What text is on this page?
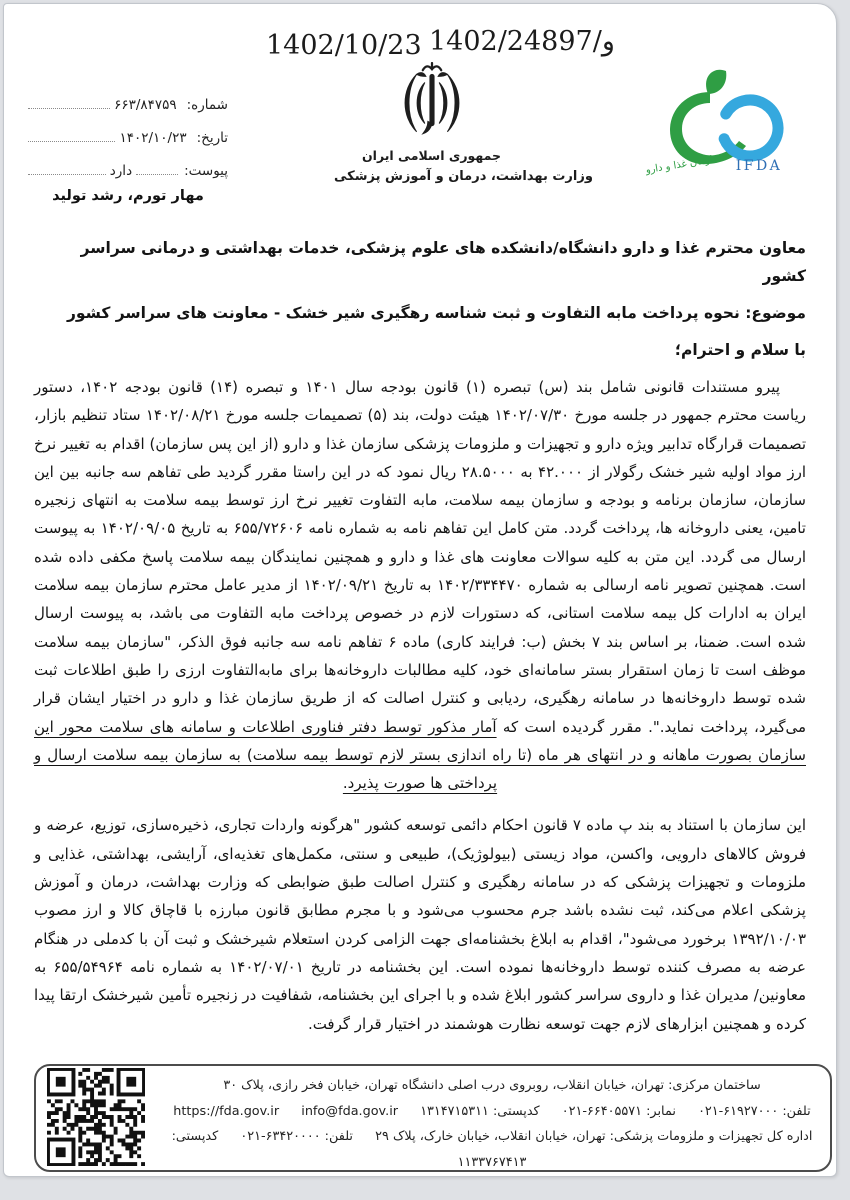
1402/10/23 1402/24897/و
شماره:
۶۶۳/۸۴۷۵۹
تاریخ:
۱۴۰۲/۱۰/۲۳
پیوست:
دارد
مهار تورم، رشد تولید
جمهوری اسلامی ایران
وزارت بهداشت، درمان و آموزش پزشکی
IFDA
سازمان غذا و دارو
معاون محترم غذا و دارو دانشگاه/دانشکده های علوم پزشکی، خدمات بهداشتی و درمانی سراسر کشور
موضوع: نحوه پرداخت مابه التفاوت و ثبت شناسه رهگیری شیر خشک - معاونت های سراسر کشور
با سلام و احترام؛

پیرو مستندات قانونی شامل بند (س) تبصره (۱) قانون بودجه سال ۱۴۰۱ و تبصره (۱۴) قانون بودجه ۱۴۰۲، دستور ریاست محترم جمهور در جلسه مورخ ۱۴۰۲/۰۷/۳۰ هیئت دولت، بند (۵) تصمیمات جلسه مورخ ۱۴۰۲/۰۸/۲۱ ستاد تنظیم بازار، تصمیمات قرارگاه تدابیر ویژه دارو و تجهیزات و ملزومات پزشکی سازمان غذا و دارو (از این پس سازمان) اقدام به تغییر نرخ ارز مواد اولیه شیر خشک رگولار از ۴۲.۰۰۰ به ۲۸.۵۰۰۰ ریال نمود که در این راستا مقرر گردید طی تفاهم سه جانبه بین این سازمان، سازمان برنامه و بودجه و سازمان بیمه سلامت، مابه التفاوت تغییر نرخ ارز توسط بیمه سلامت به انتهای زنجیره تامین، یعنی داروخانه ها، پرداخت گردد. متن کامل این تفاهم نامه به شماره نامه ۶۵۵/۷۲۶۰۶ به تاریخ ۱۴۰۲/۰۹/۰۵ به پیوست ارسال می گردد. این متن به کلیه سوالات معاونت های غذا و دارو و همچنین نمایندگان بیمه سلامت پاسخ مکفی داده شده است. همچنین تصویر نامه ارسالی به شماره ۱۴۰۲/۳۳۴۴۷۰ به تاریخ ۱۴۰۲/۰۹/۲۱ از مدیر عامل محترم سازمان بیمه سلامت ایران به ادارات کل بیمه سلامت استانی، که دستورات لازم در خصوص پرداخت مابه التفاوت می باشد، به پیوست ارسال شده است. ضمنا، بر اساس بند ۷ بخش (ب: فرایند کاری) ماده ۶ تفاهم نامه سه جانبه فوق الذکر، "سازمان بیمه سلامت موظف است تا زمان استقرار بستر سامانه‌ای خود، کلیه مطالبات داروخانه‌ها برای مابه‌التفاوت ارزی را طبق اطلاعات ثبت شده توسط داروخانه‌ها در سامانه رهگیری، ردیابی و کنترل اصالت که از طریق سازمان غذا و دارو در اختیار ایشان قرار می‌گیرد، پرداخت نماید.". مقرر گردیده است که آمار مذکور توسط دفتر فناوری اطلاعات و سامانه های سلامت محور این سازمان بصورت ماهانه و در انتهای هر ماه (تا راه اندازی بستر لازم توسط بیمه سلامت) به سازمان بیمه سلامت ارسال و پرداختی ها صورت پذیرد.

این سازمان با استناد به بند پ ماده ۷ قانون احکام دائمی توسعه کشور "هرگونه واردات تجاری، ذخیره‌سازی، توزیع، عرضه و فروش کالاهای دارویی، واکسن، مواد زیستی (بیولوژیک)، طبیعی و سنتی، مکمل‌های تغذیه‌ای، آرایشی، بهداشتی، غذایی و ملزومات و تجهیزات پزشکی که در سامانه رهگیری و کنترل اصالت طبق ضوابطی که وزارت بهداشت، درمان و آموزش پزشکی اعلام می‌کند، ثبت نشده باشد جرم محسوب می‌شود و با مجرم مطابق قانون مبارزه با قاچاق کالا و ارز مصوب ۱۳۹۲/۱۰/۰۳ برخورد می‌شود"، اقدام به ابلاغ بخشنامه‌ای جهت الزامی کردن استعلام شیرخشک و ثبت آن با کدملی در هنگام عرضه به مصرف کننده توسط داروخانه‌ها نموده است. این بخشنامه در تاریخ ۱۴۰۲/۰۷/۰۱ به شماره نامه ۶۵۵/۵۴۹۶۴ به معاونین/ مدیران غذا و داروی سراسر کشور ابلاغ شده و با اجرای این بخشنامه، شفافیت در زنجیره تأمین شیرخشک ارتقا پیدا کرده و همچنین ابزارهای لازم جهت توسعه نظارت هوشمند در اختیار قرار گرفت.

ساختمان مرکزی: تهران، خیابان انقلاب، روبروی درب اصلی دانشگاه تهران، خیابان فخر رازی، پلاک ۳۰
تلفن: ۰۲۱-۶۱۹۲۷۰۰۰  نمابر: ۰۲۱-۶۶۴۰۵۵۷۱  کدپستی: ۱۳۱۴۷۱۵۳۱۱  info@fda.gov.ir  https://fda.gov.ir
اداره کل تجهیزات و ملزومات پزشکی: تهران، خیابان انقلاب، خیابان خارک، پلاک ۲۹  تلفن: ۰۲۱-۶۳۴۲۰۰۰۰  کدپستی: ۱۱۳۳۷۶۷۴۱۳
